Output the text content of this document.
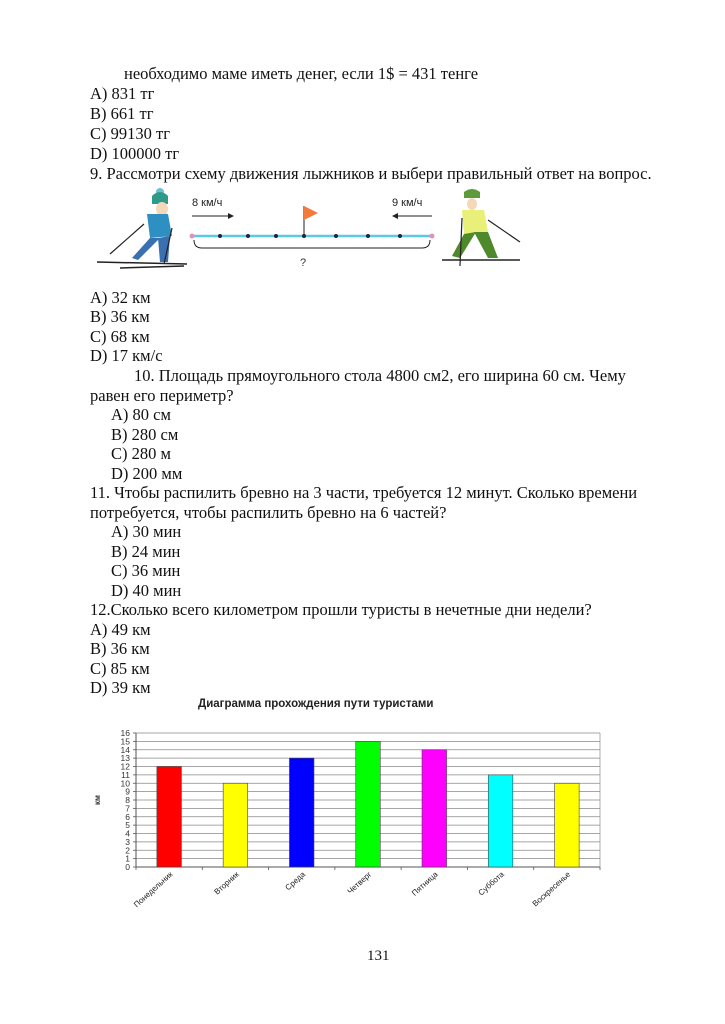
необходимо маме иметь денег, если 1$ = 431 тенге
A) 831 тг
B) 661 тг
C) 99130 тг
D) 100000 тг
9. Рассмотри схему движения лыжников и выбери правильный ответ на вопрос.
8 км/ч	9 км/ч
?
A) 32 км
B) 36 км
C) 68 км
D) 17 км/с
10. Площадь прямоугольного стола 4800 см2, его ширина 60 см. Чему
равен его периметр?
A) 80 см
B) 280 см
C) 280 м
D) 200 мм
11. Чтобы распилить бревно на 3 части, требуется 12 минут. Сколько времени
потребуется, чтобы распилить бревно на 6 частей?
A) 30 мин
B) 24 мин
C) 36 мин
D) 40 мин
12.Сколько всего километром прошли туристы в нечетные дни недели?
A) 49 км
B) 36 км
C) 85 км
D) 39 км
Диаграмма прохождения пути туристами
0
1
2
3
4
5
6
7
8
9
10
11
12
13
14
15
16
км
Понедельник	Вторник	Среда	Четверг	Пятница	Суббота	Воскресенье
131
